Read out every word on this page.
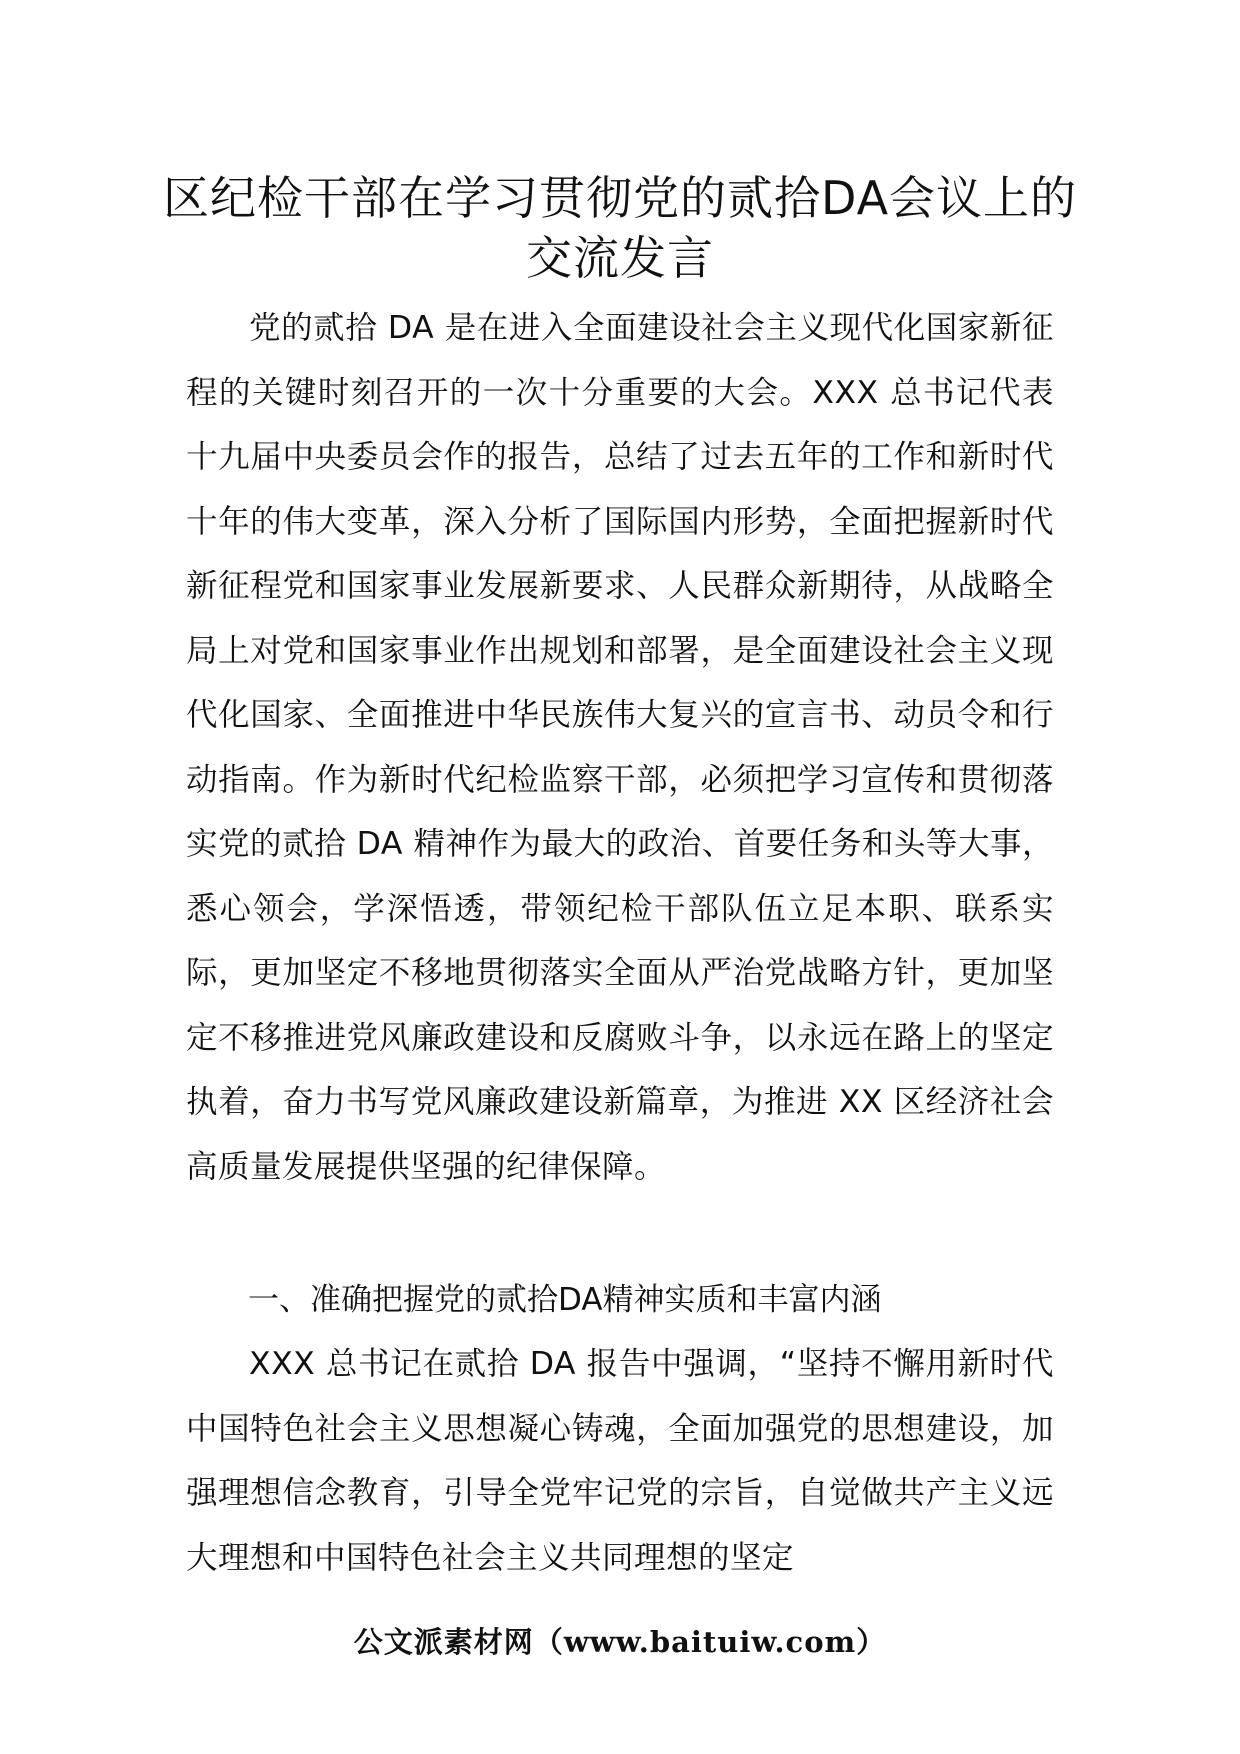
区纪检干部在学习贯彻党的贰拾DA会议上的交流发言

党的贰拾 DA 是在进入全面建设社会主义现代化国家新征程的关键时刻召开的一次十分重要的大会。XXX 总书记代表十九届中央委员会作的报告，总结了过去五年的工作和新时代十年的伟大变革，深入分析了国际国内形势，全面把握新时代新征程党和国家事业发展新要求、人民群众新期待，从战略全局上对党和国家事业作出规划和部署，是全面建设社会主义现代化国家、全面推进中华民族伟大复兴的宣言书、动员令和行动指南。作为新时代纪检监察干部，必须把学习宣传和贯彻落实党的贰拾 DA 精神作为最大的政治、首要任务和头等大事，悉心领会，学深悟透，带领纪检干部队伍立足本职、联系实际，更加坚定不移地贯彻落实全面从严治党战略方针，更加坚定不移推进党风廉政建设和反腐败斗争，以永远在路上的坚定执着，奋力书写党风廉政建设新篇章，为推进 XX 区经济社会高质量发展提供坚强的纪律保障。

一、准确把握党的贰拾DA精神实质和丰富内涵

XXX 总书记在贰拾 DA 报告中强调，“坚持不懈用新时代中国特色社会主义思想凝心铸魂，全面加强党的思想建设，加强理想信念教育，引导全党牢记党的宗旨，自觉做共产主义远大理想和中国特色社会主义共同理想的坚定

公文派素材网（www.baituiw.com）
